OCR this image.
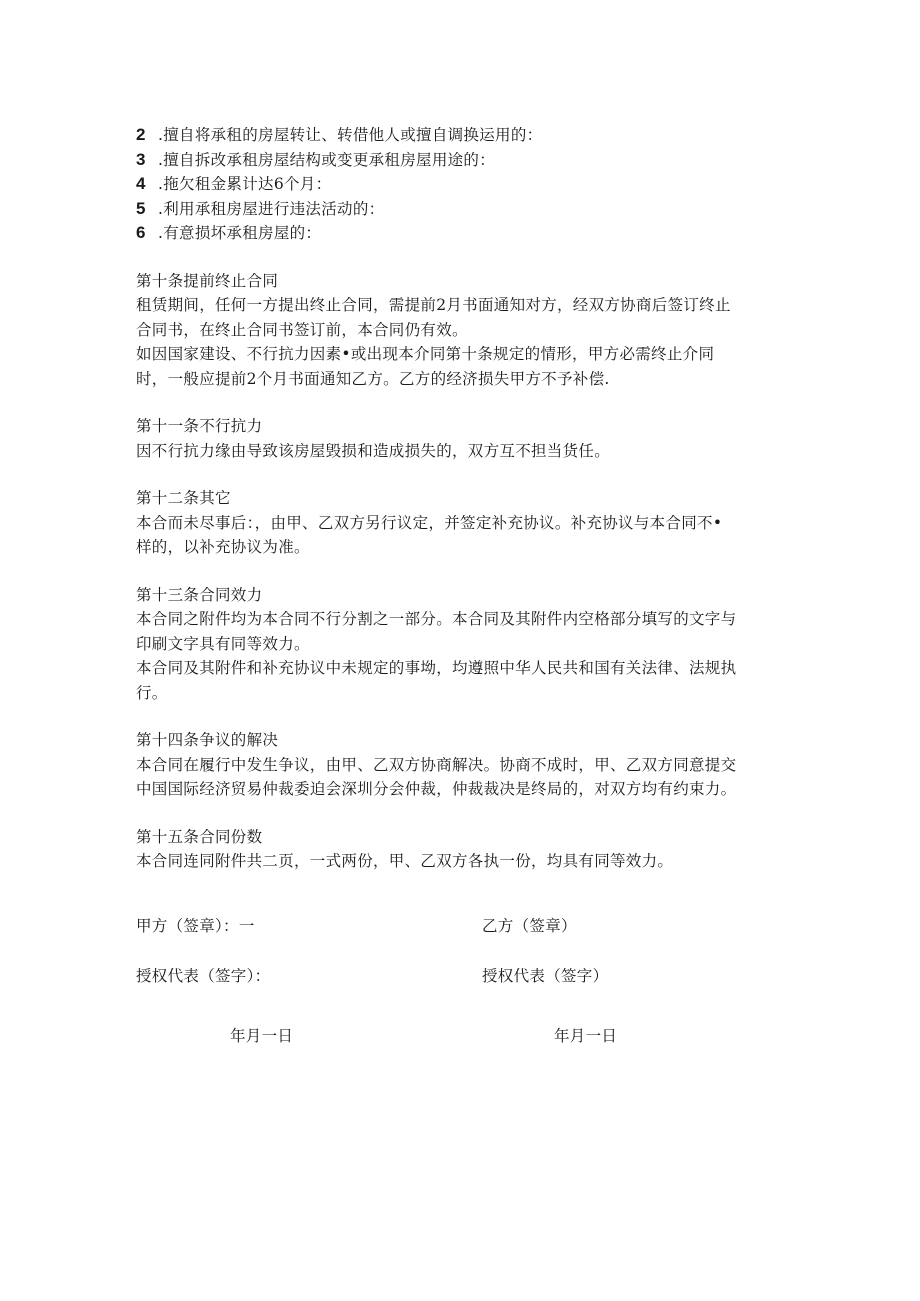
2 .擅自将承租的房屋转让、转借他人或擅自调换运用的：
3 .擅自拆改承租房屋结构或变更承租房屋用途的：
4 .拖欠租金累计达6个月：
5 .利用承租房屋进行违法活动的：
6 .有意损坏承租房屋的：
第十条提前终止合同
租赁期间，任何一方提出终止合同，需提前2月书面通知对方，经双方协商后签订终止
合同书，在终止合同书签订前，本合同仍有效。
如因国家建设、不行抗力因素•或出现本介同第十条规定的情形，甲方必需终止介同
时，一般应提前2个月书面通知乙方。乙方的经济损失甲方不予补偿.
第十一条不行抗力
因不行抗力缘由导致该房屋毁损和造成损失的，双方互不担当货任。
第十二条其它
本合而未尽事后：，由甲、乙双方另行议定，并签定补充协议。补充协议与本合同不•
样的，以补充协议为准。
第十三条合同效力
本合同之附件均为本合同不行分割之一部分。本合同及其附件内空格部分填写的文字与
印刷文字具有同等效力。
本合同及其附件和补充协议中未规定的事坳，均遵照中华人民共和国有关法律、法规执
行。
第十四条争议的解决
本合同在履行中发生争议，由甲、乙双方协商解决。协商不成时，甲、乙双方同意提交
中国国际经济贸易仲裁委迫会深圳分会仲裁，仲裁裁决是终局的，对双方均有约束力。
第十五条合同份数
本合同连同附件共二页，一式两份，甲、乙双方各执一份，均具有同等效力。
甲方（签章）：一	乙方（签章）
授权代表（签字）：	授权代表（签字）
年月一日	年月一日
